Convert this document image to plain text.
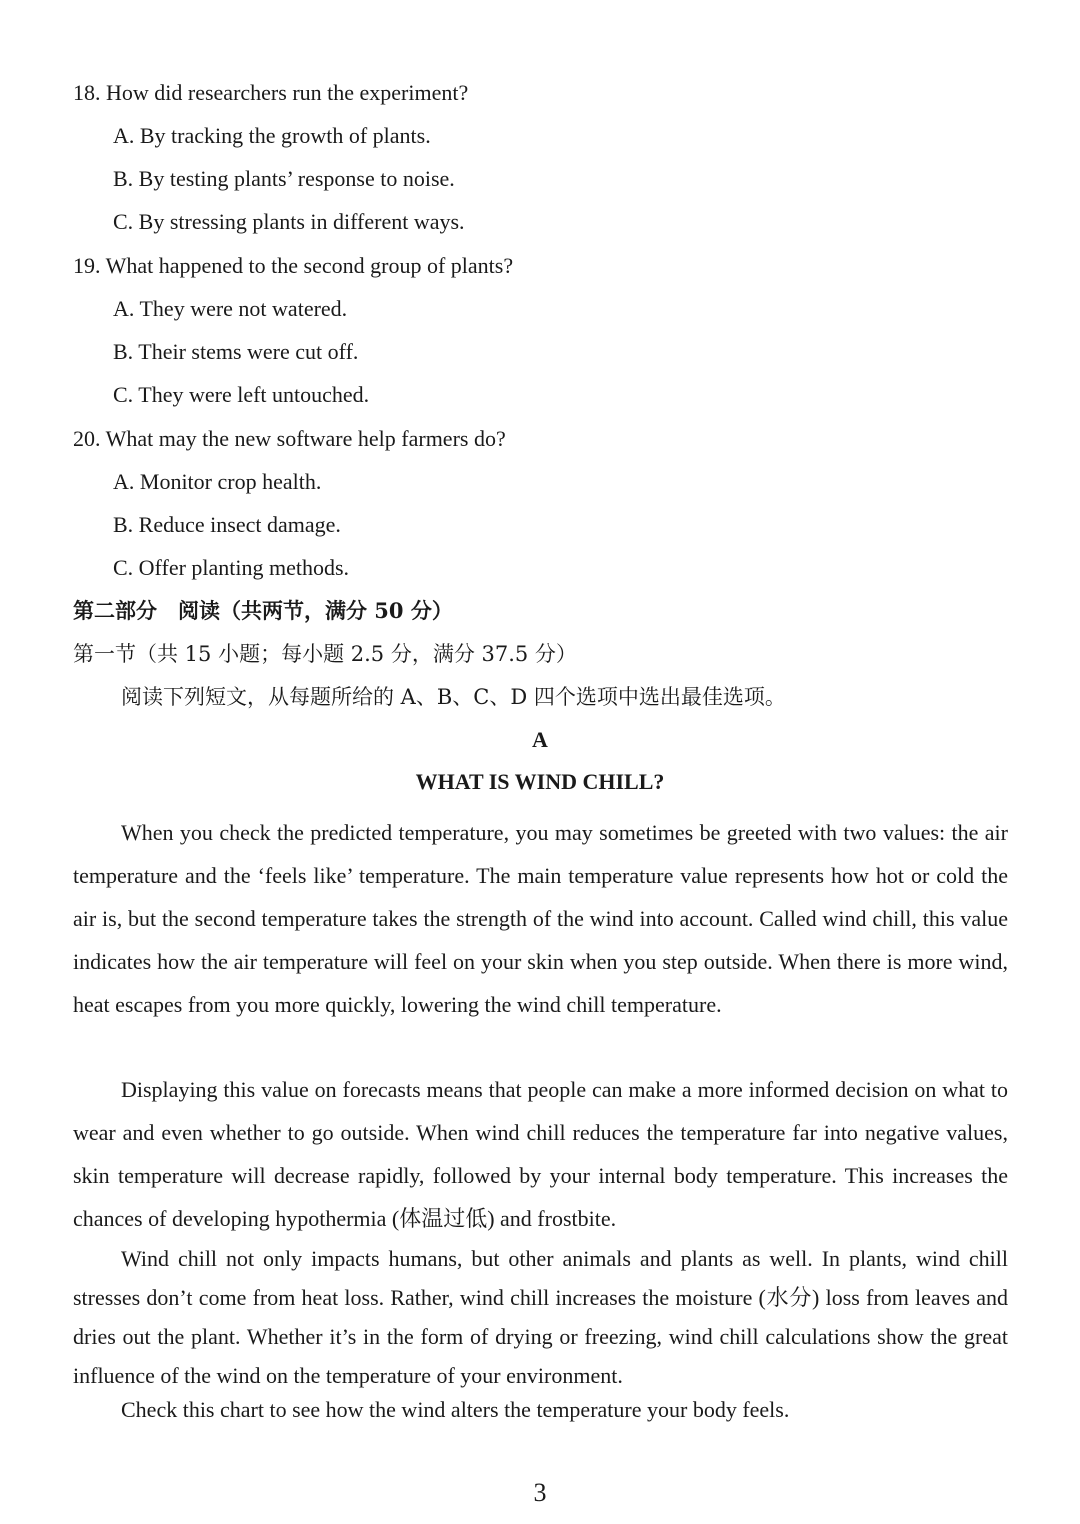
18. How did researchers run the experiment?
A. By tracking the growth of plants.
B. By testing plants’ response to noise.
C. By stressing plants in different ways.
19. What happened to the second group of plants?
A. They were not watered.
B. Their stems were cut off.
C. They were left untouched.
20. What may the new software help farmers do?
A. Monitor crop health.
B. Reduce insect damage.
C. Offer planting methods.
第二部分　阅读（共两节，满分 50 分）
第一节（共 15 小题；每小题 2.5 分，满分 37.5 分）
阅读下列短文，从每题所给的 A、B、C、D 四个选项中选出最佳选项。
A
WHAT IS WIND CHILL?

When you check the predicted temperature, you may sometimes be greeted with two values: the air temperature and the ‘feels like’ temperature. The main temperature value represents how hot or cold the air is, but the second temperature takes the strength of the wind into account. Called wind chill, this value indicates how the air temperature will feel on your skin when you step outside. When there is more wind, heat escapes from you more quickly, lowering the wind chill temperature.

Displaying this value on forecasts means that people can make a more informed decision on what to wear and even whether to go outside. When wind chill reduces the temperature far into negative values, skin temperature will decrease rapidly, followed by your internal body temperature. This increases the chances of developing hypothermia (体温过低) and frostbite.

Wind chill not only impacts humans, but other animals and plants as well. In plants, wind chill stresses don’t come from heat loss. Rather, wind chill increases the moisture (水分) loss from leaves and dries out the plant. Whether it’s in the form of drying or freezing, wind chill calculations show the great influence of the wind on the temperature of your environment.

Check this chart to see how the wind alters the temperature your body feels.

3
